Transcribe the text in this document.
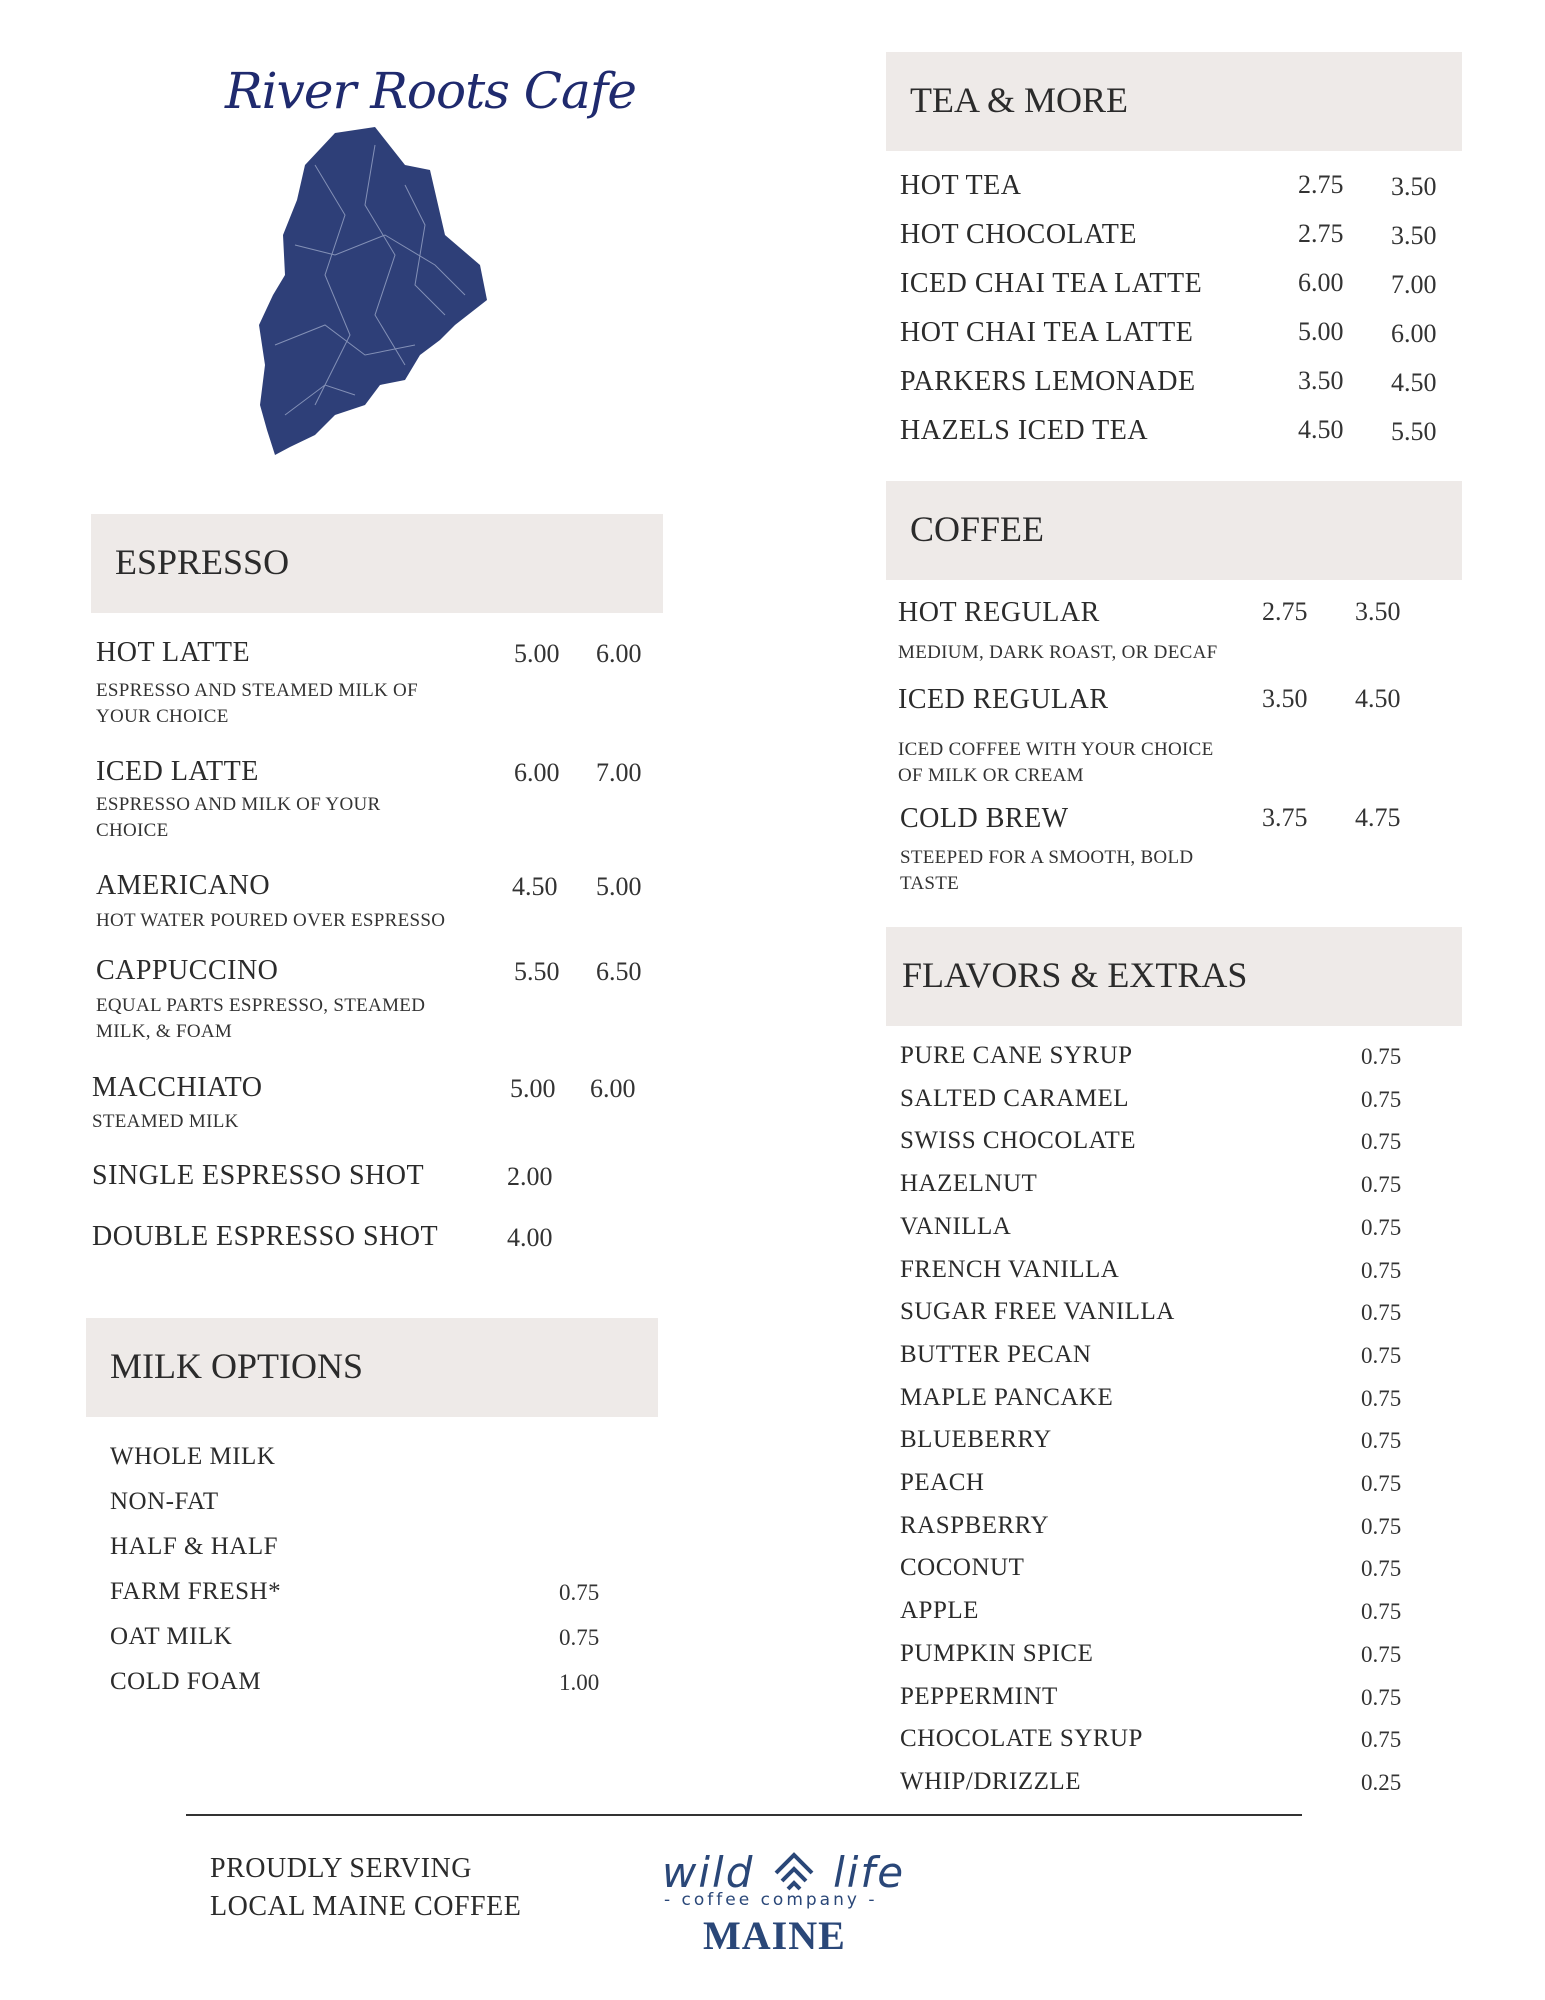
River Roots Cafe	TEA & MORE
HOT TEA	2.75 3.50
HOT CHOCOLATE	2.75 3.50
ICED CHAI TEA LATTE	6.00 7.00
HOT CHAI TEA LATTE	5.00 6.00
PARKERS LEMONADE	3.50 4.50
HAZELS ICED TEA	4.50 5.50
COFFEE
HOT REGULAR	2.75 3.50
MEDIUM, DARK ROAST, OR DECAF
ICED REGULAR	3.50 4.50
ICED COFFEE WITH YOUR CHOICE
OF MILK OR CREAM
COLD BREW	3.75 4.75
STEEPED FOR A SMOOTH, BOLD
TASTE
FLAVORS & EXTRAS
PURE CANE SYRUP	0.75
SALTED CARAMEL	0.75
SWISS CHOCOLATE	0.75
HAZELNUT	0.75
VANILLA	0.75
FRENCH VANILLA	0.75
SUGAR FREE VANILLA	0.75
BUTTER PECAN	0.75
MAPLE PANCAKE	0.75
BLUEBERRY	0.75
PEACH	0.75
RASPBERRY	0.75
COCONUT	0.75
APPLE	0.75
PUMPKIN SPICE	0.75
PEPPERMINT	0.75
CHOCOLATE SYRUP	0.75
WHIP/DRIZZLE	0.25
ESPRESSO
HOT LATTE	5.00 6.00
ESPRESSO AND STEAMED MILK OF
YOUR CHOICE
ICED LATTE	6.00 7.00
ESPRESSO AND MILK OF YOUR
CHOICE
AMERICANO	4.50 5.00
HOT WATER POURED OVER ESPRESSO
CAPPUCCINO	5.50 6.50
EQUAL PARTS ESPRESSO, STEAMED
MILK, & FOAM
MACCHIATO	5.00 6.00
STEAMED MILK
SINGLE ESPRESSO SHOT	2.00
DOUBLE ESPRESSO SHOT	4.00
MILK OPTIONS
WHOLE MILK
NON-FAT
HALF & HALF
FARM FRESH*	0.75
OAT MILK	0.75
COLD FOAM	1.00
PROUDLY SERVING
LOCAL MAINE COFFEE
wild life
- coffee company -
MAINE
